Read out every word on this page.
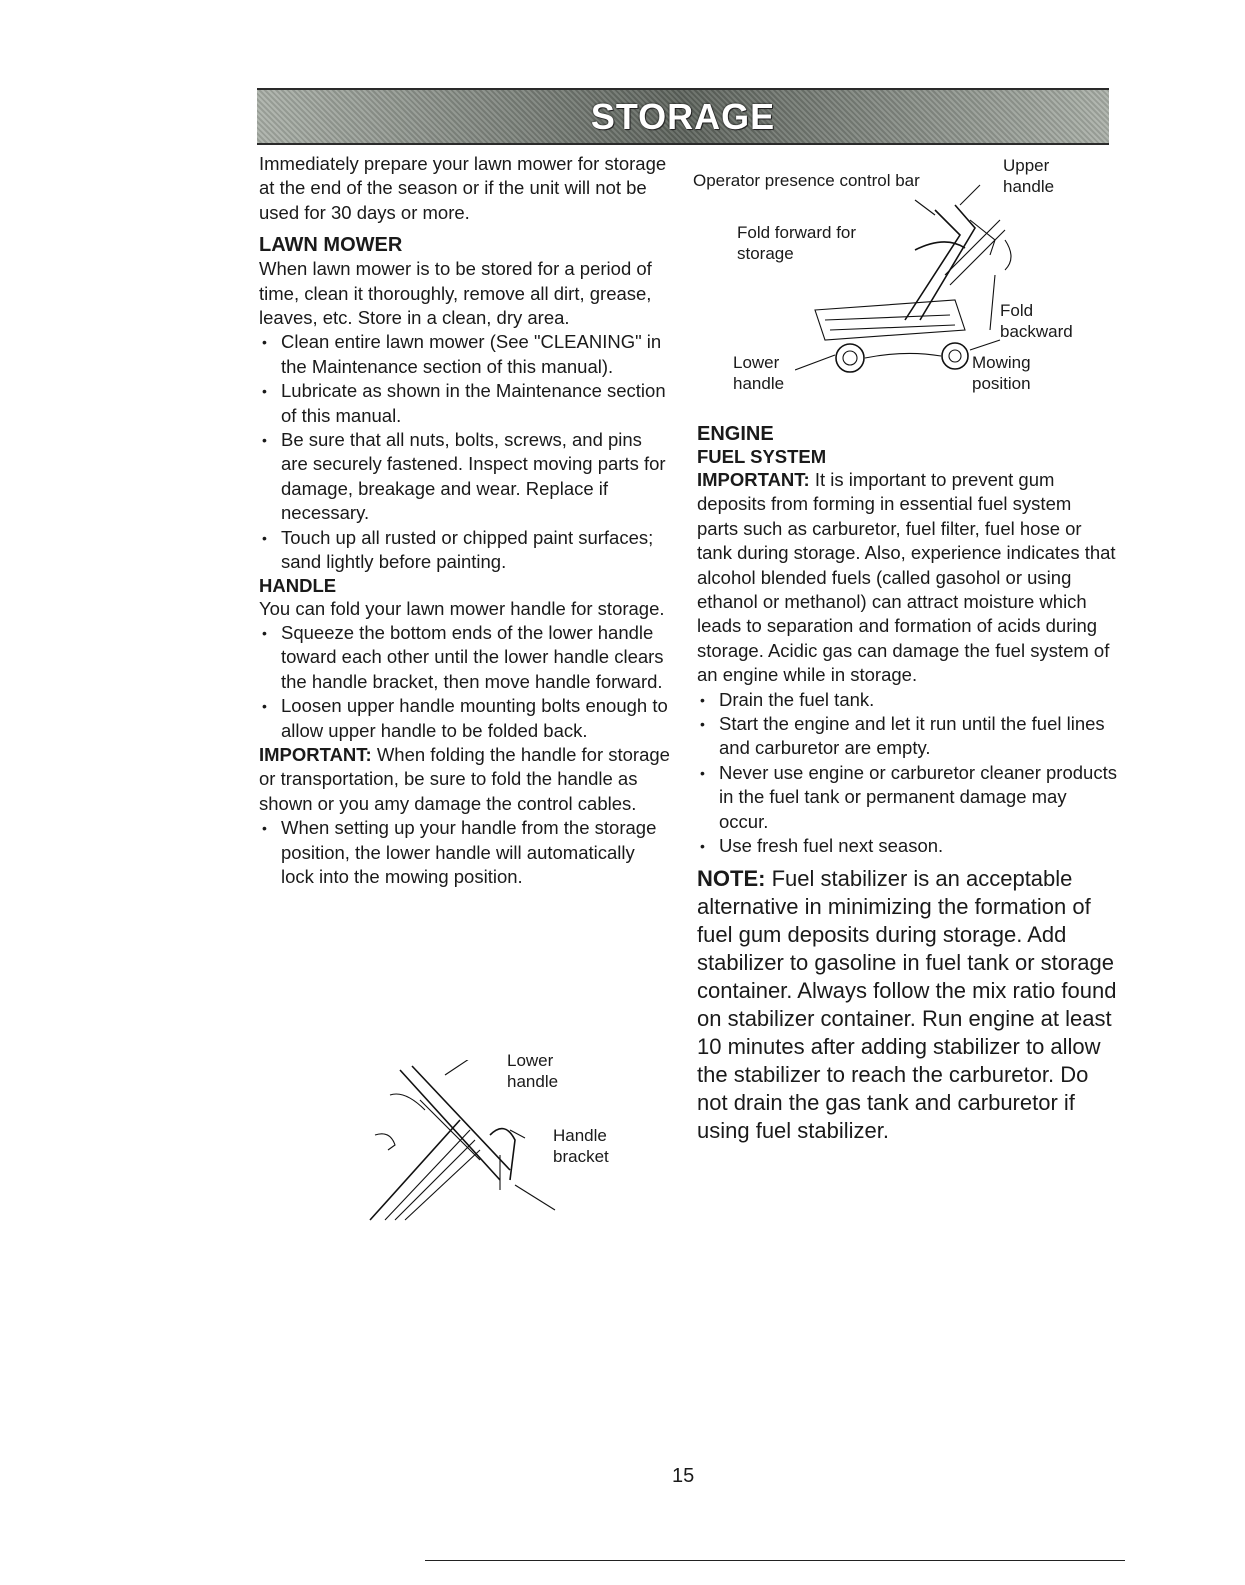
STORAGE

Immediately prepare your lawn mower for storage at the end of the season or if the unit will not be used for 30 days or more.

LAWN MOWER

When lawn mower is to be stored for a period of time, clean it thoroughly, remove all dirt, grease, leaves, etc. Store in a clean, dry area.

• Clean entire lawn mower (See "CLEANING" in the Maintenance section of this manual).
• Lubricate as shown in the Maintenance section of this manual.
• Be sure that all nuts, bolts, screws, and pins are securely fastened. Inspect moving parts for damage, breakage and wear. Replace if necessary.
• Touch up all rusted or chipped paint surfaces; sand lightly before painting.
HANDLE

You can fold your lawn mower handle for storage.

• Squeeze the bottom ends of the lower handle toward each other until the lower handle clears the handle bracket, then move handle forward.
• Loosen upper handle mounting bolts enough to allow upper handle to be folded back.

IMPORTANT: When folding the handle for storage or transportation, be sure to fold the handle as shown or you amy damage the control cables.

• When setting up your handle from the storage position, the lower handle will automatically lock into the mowing position.
Lower handle
Handle bracket
Operator presence control bar
Upper handle
Fold forward for storage
Fold backward
Lower handle
Mowing position
ENGINE
FUEL SYSTEM

IMPORTANT: It is important to prevent gum deposits from forming in essential fuel system parts such as carburetor, fuel filter, fuel hose or tank during storage. Also, experience indicates that alcohol blended fuels (called gasohol or using ethanol or methanol) can attract moisture which leads to separation and formation of acids during storage. Acidic gas can damage the fuel system of an engine while in storage.

• Drain the fuel tank.
• Start the engine and let it run until the fuel lines and carburetor are empty.
• Never use engine or carburetor cleaner products in the fuel tank or permanent damage may occur.
• Use fresh fuel next season.

NOTE: Fuel stabilizer is an acceptable alternative in minimizing the formation of fuel gum deposits during storage. Add stabilizer to gasoline in fuel tank or storage container. Always follow the mix ratio found on stabilizer container. Run engine at least 10 minutes after adding stabilizer to allow the stabilizer to reach the carburetor. Do not drain the gas tank and carburetor if using fuel stabilizer.

15
